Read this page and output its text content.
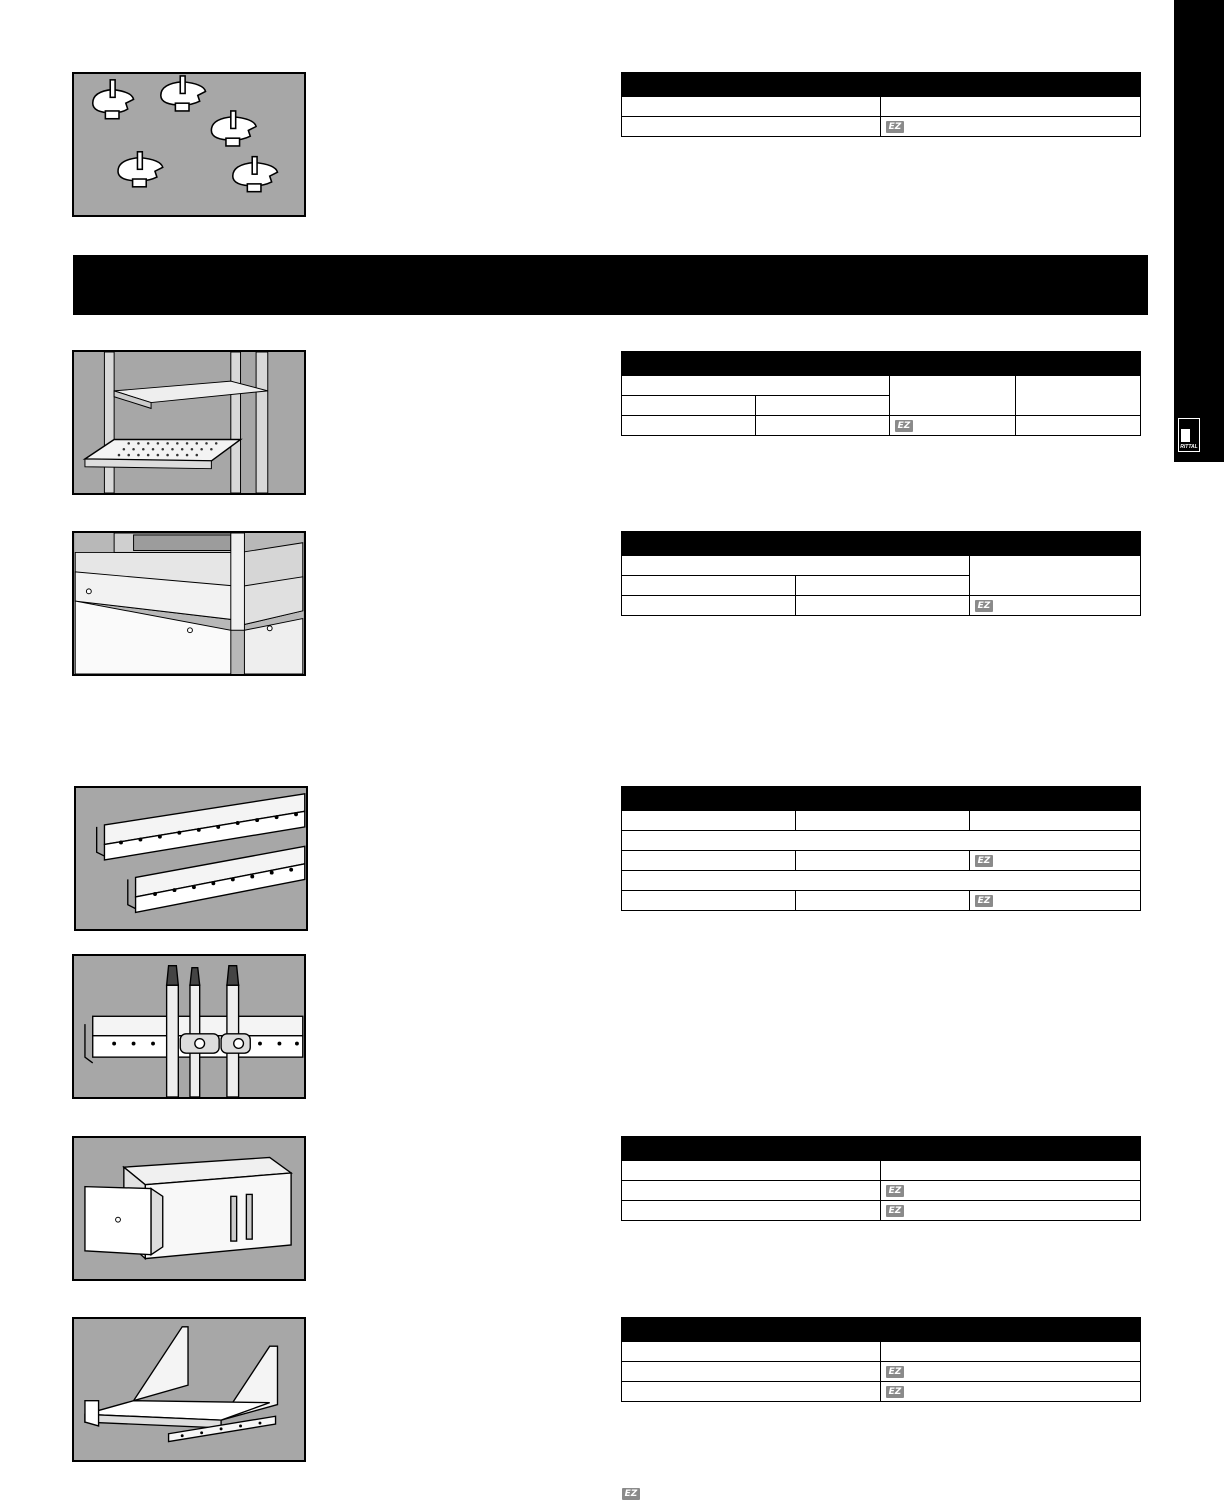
RITTAL

	EZ

		EZ	

		EZ

		EZ

		EZ

	EZ
	EZ

	EZ
	EZ
EZ
